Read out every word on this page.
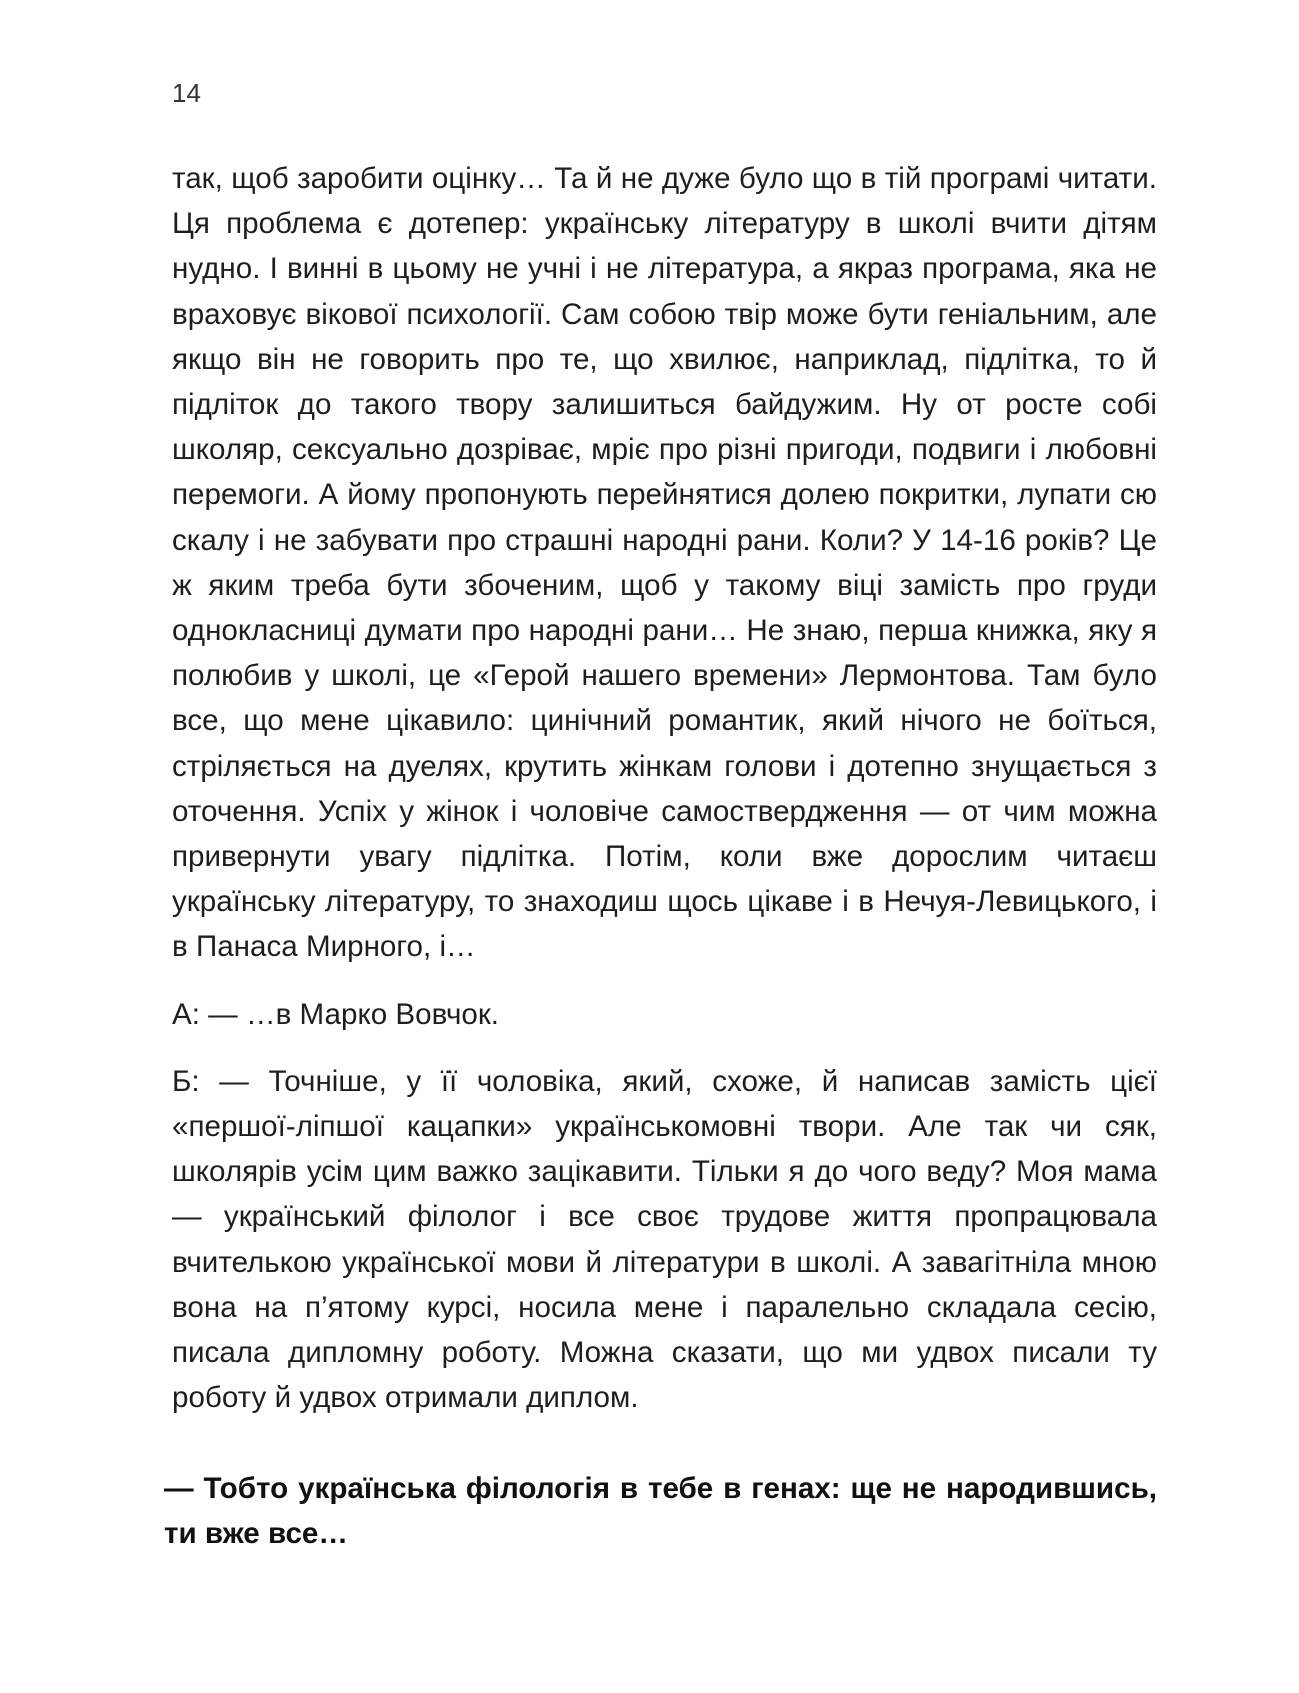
14

так, щоб заробити оцінку… Та й не дуже було що в тій програмі читати. Ця проблема є дотепер: українську літературу в школі вчити дітям нудно. І винні в цьому не учні і не література, а якраз програма, яка не враховує вікової психології. Сам собою твір може бути геніальним, але якщо він не говорить про те, що хвилює, наприклад, підлітка, то й підліток до такого твору залишиться байдужим. Ну от росте собі школяр, сексуально дозріває, мріє про різні пригоди, подвиги і любовні перемоги. А йому пропонують перейнятися долею покритки, лупати сю скалу і не забувати про страшні народні рани. Коли? У 14-16 років? Це ж яким треба бути збоченим, щоб у такому віці замість про груди однокласниці думати про народні рани… Не знаю, перша книжка, яку я полюбив у школі, це «Герой нашего времени» Лермонтова. Там було все, що мене цікавило: цинічний романтик, який нічого не боїться, стріляється на дуелях, крутить жінкам голови і дотепно знущається з оточення. Успіх у жінок і чоловіче самоствердження — от чим можна привернути увагу підлітка. Потім, коли вже дорослим читаєш українську літературу, то знаходиш щось цікаве і в Нечуя-Левицького, і в Панаса Мирного, і…

А: — …в Марко Вовчок.

Б: — Точніше, у її чоловіка, який, схоже, й написав замість цієї «першої-ліпшої кацапки» українськомовні твори. Але так чи сяк, школярів усім цим важко зацікавити. Тільки я до чого веду? Моя мама — український філолог і все своє трудове життя пропрацювала вчителькою української мови й літератури в школі. А завагітніла мною вона на п’ятому курсі, носила мене і паралельно складала сесію, писала дипломну роботу. Можна сказати, що ми удвох писали ту роботу й удвох отримали диплом.

— Тобто українська філологія в тебе в генах: ще не народившись, ти вже все…
